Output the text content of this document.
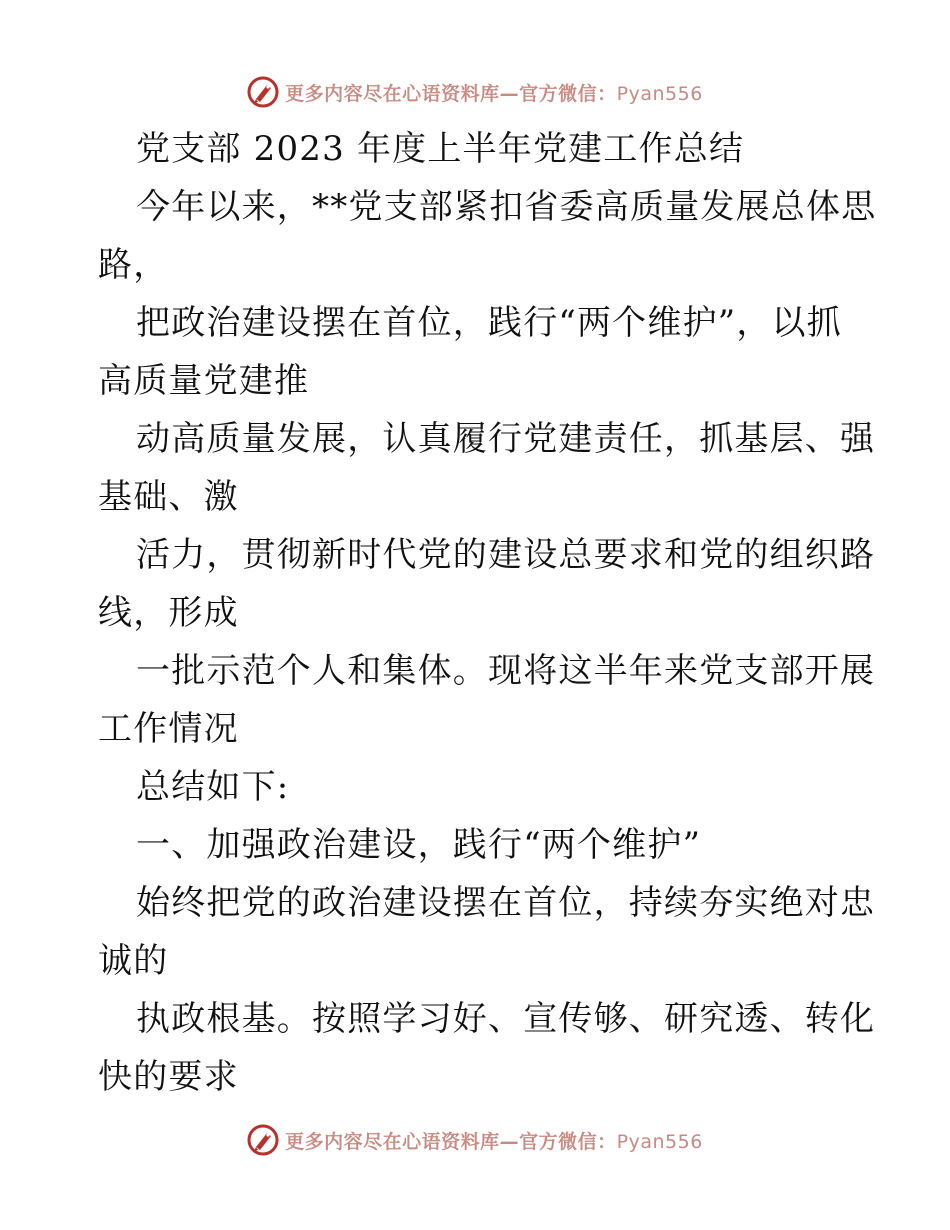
更多内容尽在心语资料库—官方微信：Pyan556
党支部 2023 年度上半年党建工作总结
今年以来，**党支部紧扣省委高质量发展总体思
路，
把政治建设摆在首位，践行“两个维护”，以抓
高质量党建推
动高质量发展，认真履行党建责任，抓基层、强
基础、激
活力，贯彻新时代党的建设总要求和党的组织路
线，形成
一批示范个人和集体。现将这半年来党支部开展
工作情况
总结如下:
一、加强政治建设，践行“两个维护”
始终把党的政治建设摆在首位，持续夯实绝对忠
诚的
执政根基。按照学习好、宣传够、研究透、转化
快的要求
更多内容尽在心语资料库—官方微信：Pyan556
